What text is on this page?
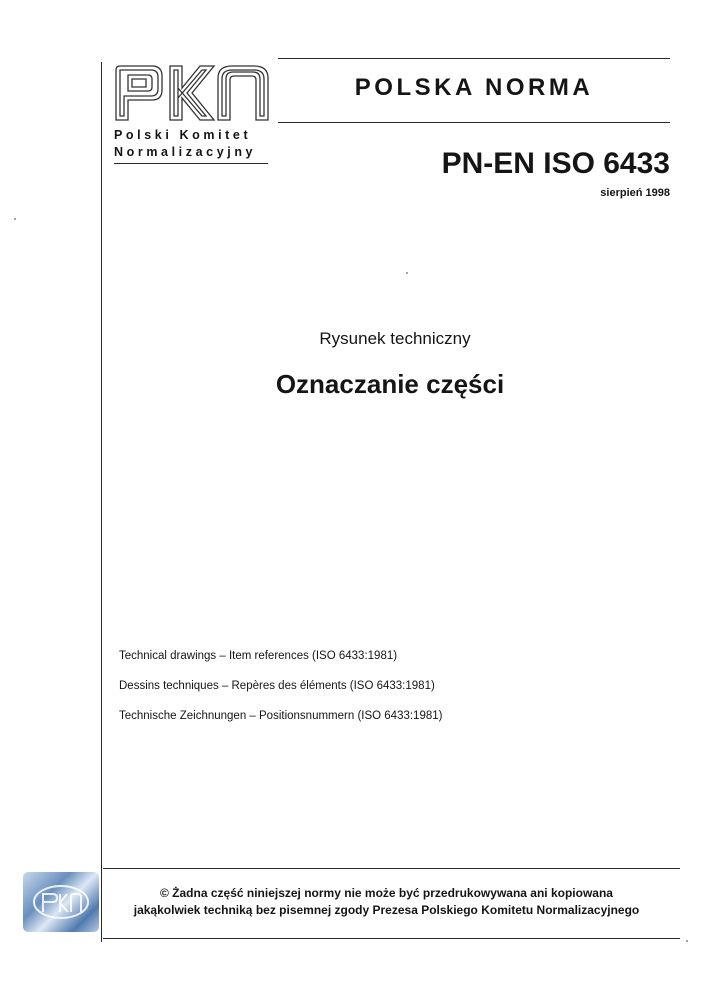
Polski Komitet
Normalizacyjny
POLSKA NORMA
PN-EN ISO 6433
sierpień 1998
Rysunek techniczny
Oznaczanie części
Technical drawings – Item references (ISO 6433:1981)
Dessins techniques – Repères des éléments (ISO 6433:1981)
Technische Zeichnungen – Positionsnummern (ISO 6433:1981)
© Żadna część niniejszej normy nie może być przedrukowywana ani kopiowana
jakąkolwiek techniką bez pisemnej zgody Prezesa Polskiego Komitetu Normalizacyjnego
